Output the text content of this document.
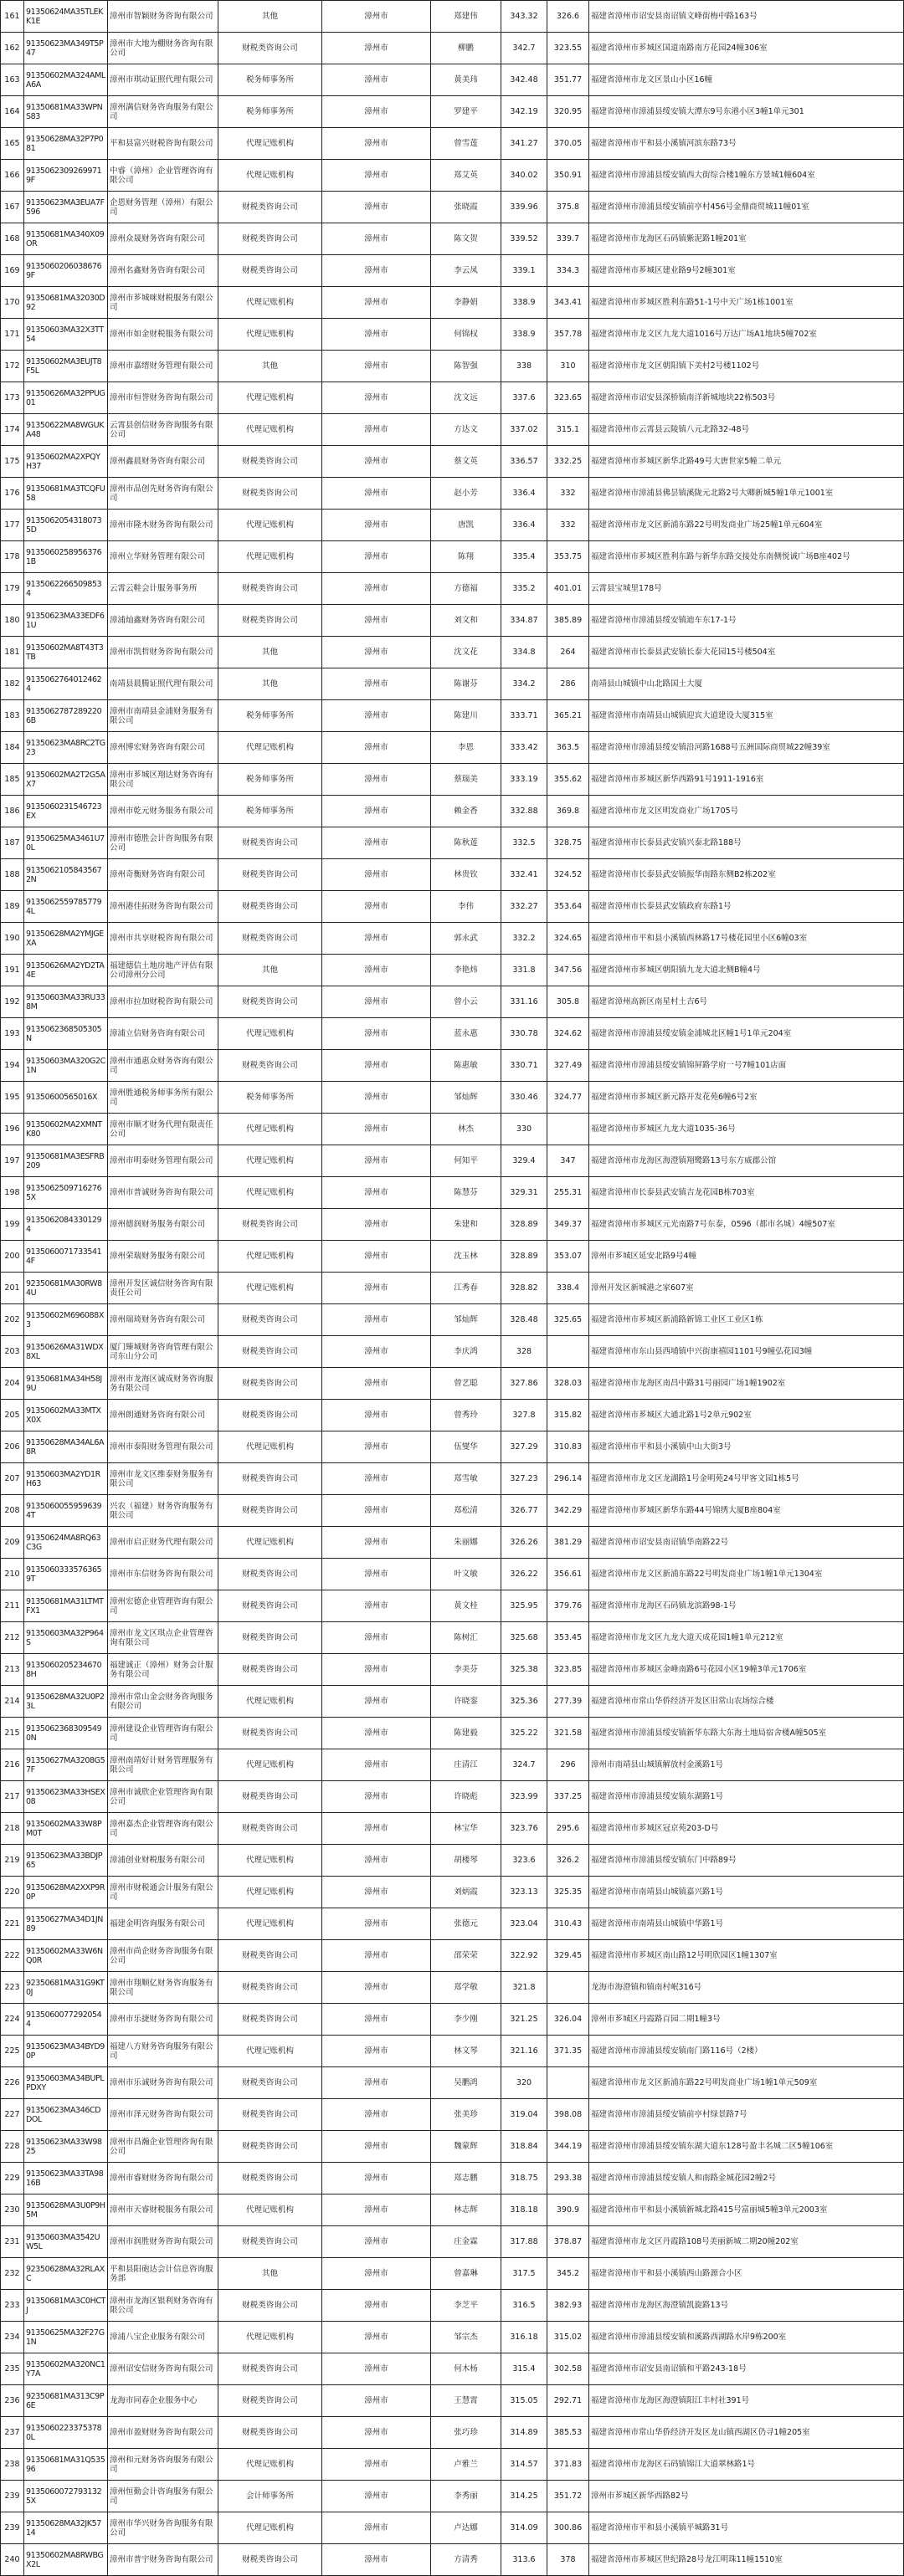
161	91350624MA35TLEKK1E	漳州市智颖财务咨询有限公司	其他	漳州市	郑建伟	343.32	326.6	福建省漳州市诏安县南诏镇文峰街梅中路163号
162	91350623MA349T5P47	漳州市大地为棚财务咨询有限公司	财税类咨询公司	漳州市	柳鹏	342.7	323.55	福建省漳州市芗城区国道南路南方花园24幢306室
163	91350602MA324AMLA6A	漳州市琪动证照代理有限公司	税务师事务所	漳州市	黄美玮	342.48	351.77	福建省漳州市龙文区景山小区16幢
164	91350681MA33WPNS83	漳州满信财务咨询服务有限公司	税务师事务所	漳州市	罗建平	342.19	320.95	福建省漳州市漳浦县绥安镇大潭东9号东港小区3幢1单元301
165	91350628MA32P7P081	平和县富兴财税咨询有限公司	代理记账机构	漳州市	曾雪莲	341.27	370.05	福建省漳州市平和县小溪镇河滨东路73号
166	91350623092699719F	中睿（漳州）企业管理咨询有限公司	代理记账机构	漳州市	郑艾英	340.02	350.91	福建省漳州市漳浦县绥安镇西大街综合楼1幢东方景城1幢604室
167	91350623MA3EUA7F596	企恩财务管理（漳州）有限公司	财税类咨询公司	漳州市	张晓霞	339.96	375.8	福建省漳州市漳浦县绥安镇前亭村456号金鼎商贸城11幢01室
168	91350681MA340X09OR	漳州众晟财务咨询有限公司	财税类咨询公司	漳州市	陈文贺	339.52	339.7	福建省漳州市龙海区石码镇紫泥路1幢201室
169	91350602060386769F	漳州名鑫财务咨询有限公司	财税类咨询公司	漳州市	李云凤	339.1	334.3	福建省漳州市芗城区建业路9号2幢301室
170	91350681MA32030D92	漳州市芗城咪财税服务有限公司	代理记账机构	漳州市	李静娟	338.9	343.41	福建省漳州市芗城区胜利东路51-1号中天广场1栋1001室
171	91350603MA32X3TT54	漳州市如金财税服务有限公司	代理记账机构	漳州市	何锦权	338.9	357.78	福建省漳州市龙文区九龙大道1016号万达广场A1地块5幢702室
172	91350602MA3EUJT8F5L	漳州市嘉缙财务管理有限公司	其他	漳州市	陈智强	338	310	福建省漳州市龙文区朝阳镇下美村2号楼1102号
173	91350626MA32PPUG01	漳州市恒誉财务咨询有限公司	代理记账机构	漳州市	沈文远	337.6	323.65	福建省漳州市诏安县深桥镇南洋新城地块22栋503号
174	91350622MA8WGUKA48	云霄县创信财务咨询服务有限公司	代理记账机构	漳州市	方达文	337.02	315.1	福建省漳州市云霄县云陵镇八元北路32-48号
175	91350602MA2XPQYH37	漳州鑫晨财务咨询有限公司	财税类咨询公司	漳州市	蔡文英	336.57	332.25	福建省漳州市芗城区新华北路49号大唐世家5幢二单元
176	91350681MA3TCQFU58	漳州市品创先财务咨询有限公司	财税类咨询公司	漳州市	赵小芳	336.4	332	福建省漳州市漳浦县佛昙镇溪陇元北路2号大卿新城5幢1单元1001室
177	91350620543180735D	漳州市隆木财务咨询有限公司	代理记账机构	漳州市	唐凯	336.4	332	福建省漳州市龙文区新浦东路22号明发商业广场25幢1单元604室
178	91350602589563761B	漳州立华财务管理有限公司	代理记账机构	漳州市	陈翔	335.4	353.75	福建省漳州市芗城区胜利东路与新华东路交接处东南侧悦诚广场B座402号
179	91350622665098534	云霄云鞋会计服务事务所	财税类咨询公司	漳州市	方德福	335.2	401.01	云霄县宝城里178号
180	91350623MA33EDF61U	漳浦灿鑫财务咨询有限公司	财税类咨询公司	漳州市	刘文和	334.87	385.89	福建省漳州市漳浦县绥安镇迪车东17-1号
181	91350602MA8T43T3TB	漳州市凯哲财务咨询有限公司	其他	漳州市	沈文花	334.8	264	福建省漳州市长泰县武安镇长泰大花园15号楼504室
182	91350627640124624	南靖县晨腾证照代理有限公司	其他	漳州市	陈谢芬	334.2	286	南靖县山城镇中山北路国土大厦
183	91350627872892206B	漳州市南靖县金浦财务服务有限公司	税务师事务所	漳州市	陈建川	333.71	365.21	福建省漳州市南靖县山城镇迎宾大道建设大厦315室
184	91350623MA8RC2TG23	漳州博宏财务咨询有限公司	代理记账机构	漳州市	李恩	333.42	363.5	福建省漳州市漳浦县绥安镇沿河路1688号五洲国际商贸城22幢39室
185	91350602MA2T2G5AX7	漳州市芗城区翔达财务咨询有限公司	税务师事务所	漳州市	蔡瑞美	333.19	355.62	福建省漳州市芗城区新华西路91号1911-1916室
186	9135060231546723EX	漳州市乾元财务服务有限公司	税务师事务所	漳州市	赖金香	332.88	369.8	福建省漳州市龙文区明发商业广场1705号
187	91350625MA3461U70L	漳州市德胜会计咨询服务有限公司	财税类咨询公司	漳州市	陈秋莲	332.5	328.75	福建省漳州市长泰县武安镇兴泰北路188号
188	91350621058435672N	漳州奇衡财务咨询有限公司	财税类咨询公司	漳州市	林贵钦	332.41	324.52	福建省漳州市长泰县武安镇振华南路东侧B2栋202室
189	91350625597857794L	漳州港佳拓财务咨询有限公司	财税类咨询公司	漳州市	李伟	332.27	353.64	福建省漳州市长泰县武安镇政府东路1号
190	91350628MA2YMJGEXA	漳州市共享财税咨询有限公司	财税类咨询公司	漳州市	郭永武	332.2	324.65	福建省漳州市平和县小溪镇西林路17号楼花园里小区6幢03室
191	91350626MA2YD2TA4E	福建德信土地房地产评估有限公司漳州分公司	其他	漳州市	李艳炜	331.8	347.56	福建省漳州市芗城区朝阳镇九龙大道北侧B幢4号
192	91350603MA33RU338M	漳州市拉加财税咨询有限公司	财税类咨询公司	漳州市	曾小云	331.16	305.8	福建省漳州高新区南星村土吉6号
193	9135062368505305N	漳浦立信财务咨询有限公司	代理记账机构	漳州市	蓝永惠	330.78	324.62	福建省漳州市漳浦县绥安镇金浦城北区幢1号1单元204室
194	91350603MA320G2C1N	漳州市通惠众财务咨询有限公司	财税类咨询公司	漳州市	陈惠敏	330.71	327.49	福建省漳州市漳浦县绥安镇锦屏路学府一号7幢101店面
195	91350600565016X	漳州胜通税务师事务所有限公司	税务师事务所	漳州市	邹灿辉	330.46	324.77	福建省漳州市芗城区新元路开发花苑6幢6号2室
196	91350602MA2XMNTK80	漳州市顺才财务代理有限责任公司	代理记账机构	漳州市	林杰	330		福建省漳州市芗城区九龙大道1035-36号
197	91350681MA3ESFRB209	漳州市明泰财务管理有限公司	代理记账机构	漳州市	何知平	329.4	347	福建省漳州市龙海区海澄镇翔鹭路13号东方威郡公馆
198	91350625097162765X	漳州市普诚财务咨询有限公司	代理记账机构	漳州市	陈慧芬	329.31	255.31	福建省漳州市长泰县武安镇吉龙花园B栋703室
199	91350620843301294	漳州德润财务服务有限公司	财税类咨询公司	漳州市	朱建和	328.89	349.37	福建省漳州市芗城区元光南路7号东泰，0596（都市名城）4幢507室
200	91350600717335414F	漳州荣瑞财务服务有限公司	代理记账机构	漳州市	沈玉林	328.89	353.07	漳州市芗城区延安北路9号4幢
201	92350681MA30RW84U	漳州开发区诚信财务咨询有限责任公司	代理记账机构	漳州市	江秀春	328.82	338.4	漳州开发区新城港之家607室
202	91350602M696088X3	漳州瑞琦财务咨询有限公司	财税类咨询公司	漳州市	邹灿辉	328.48	325.65	福建省漳州市芗城区新浦路新锦工业区工业区1栋
203	91350626MA31WDX8XL	厦门臻城财务咨询管理有限公司东山分公司	财税类咨询公司	漳州市	李庆鸿	328		福建省漳州市东山县西埔镇中兴街康禧园1101号9幢弘花园3幢
204	91350681MA34H58J9U	漳州市龙海区诚成财务咨询服务有限公司	财税类咨询公司	漳州市	曾艺聪	327.86	328.03	福建省漳州市龙海区南昌中路31号丽园广场1幢1902室
205	91350602MA33MTXX0X	漳州朗通财务咨询有限公司	财税类咨询公司	漳州市	曾秀玲	327.8	315.82	福建省漳州市芗城区大通北路1号2单元902室
206	91350628MA34AL6A8R	漳州市泰阳财务管理有限公司	代理记账机构	漳州市	伍燮华	327.29	310.83	福建省漳州市平和县小溪镇中山大街3号
207	91350603MA2YD1RH63	漳州市龙文区维泰财务服务有限公司	财税类咨询公司	漳州市	郑雪敏	327.23	296.14	福建省漳州市龙文区龙湖路1号金明苑24号甲客文园1栋5号
208	91350600559596394T	兴农（福建）财务咨询服务有限公司	财税类咨询公司	漳州市	郑松清	326.77	342.29	福建省漳州市芗城区新华东路44号锦绣大厦B座804室
209	91350624MA8RQ63C3G	漳州市启正财务代理有限公司	代理记账机构	漳州市	朱丽娜	326.26	381.29	福建省漳州市诏安县南诏镇华南路22号
210	91350603335763659T	漳州市东信财务咨询有限公司	财税类咨询公司	漳州市	叶文敏	326.22	356.61	福建省漳州市龙文区新浦东路22号明发商业广场1幢1单元1304室
211	91350681MA31LTMTFX1	漳州宏德企业管理咨询有限公司	财税类咨询公司	漳州市	黄文桂	325.95	379.76	福建省漳州市龙海区石码镇龙滨路98-1号
212	91350603MA32P964S	漳州市龙文区琪点企业管理咨询有限公司	财税类咨询公司	漳州市	陈树汇	325.68	353.45	福建省漳州市龙文区九龙大道天成花园1幢1单元212室
213	91350602052346708H	福建诚正（漳州）财务会计服务有限公司	财税类咨询公司	漳州市	李美芬	325.38	323.85	福建省漳州市芗城区金峰南路6号花园小区19幢3单元1706室
214	91350628MA32U0P23L	漳州市常山金会财务咨询服务有限公司	代理记账机构	漳州市	许晓銮	325.36	277.39	福建省漳州市常山华侨经济开发区旧常山农场综合楼
215	91350623683095490N	漳州建设企业管理咨询有限公司	财税类咨询公司	漳州市	陈建毅	325.22	321.58	福建省漳州市漳浦县绥安镇新华东路大东海土地局宿舍楼A幢505室
216	91350627MA3208G57F	漳州南靖好计财务管理服务有限公司	代理记账机构	漳州市	庄清江	324.7	296	漳州市南靖县山城镇解放村金溪路1号
217	91350623MA33HSEX08	漳州市诚欣企业管理咨询有限公司	财税类咨询公司	漳州市	许晓彪	323.99	337.25	福建省漳州市漳浦县绥安镇东湖路1号
218	91350602MA33W8PM0T	漳州嘉杰企业管理咨询有限公司	财税类咨询公司	漳州市	林宝华	323.76	295.6	福建省漳州市芗城区冠京苑203-D号
219	91350623MA33BDJP65	漳浦创业财税服务有限公司	代理记账机构	漳州市	胡楼琴	323.6	326.2	福建省漳州市漳浦县绥安镇东门中路89号
220	91350628MA2XXP9R0P	漳州市财税通会计服务有限公司	代理记账机构	漳州市	刘炳霞	323.13	325.35	福建省漳州市南靖县山城镇嘉兴路1号
221	91350627MA34D1JN89	福建金明咨询服务有限公司	代理记账机构	漳州市	张德元	323.04	310.43	福建省漳州市南靖县山城镇中华路1号
222	91350602MA33W6NQ0R	漳州市尚企财务咨询服务有限公司	财税类咨询公司	漳州市	邵荣荣	322.92	329.45	福建省漳州市芗城区南山路12号明欣园区1幢1307室
223	92350681MA31G9KT0J	漳州市翔顺亿财务咨询服务有限公司	财税类咨询公司	漳州市	郑学敬	321.8		龙海市海澄镇和镇南村岷316号
224	91350600772920544	漳州市乐捷财务咨询有限公司	财税类咨询公司	漳州市	李少刚	321.25	326.04	漳州市芗城区丹霞路百园二期1幢3号
225	91350623MA34BYD90P	福建八方财务咨询服务有限公司	代理记账机构	漳州市	林文琴	321.16	371.35	福建省漳州市漳浦县绥安镇南门路116号（2楼）
226	91350603MA34BUPLPDXY	漳州市乐诚财务咨询有限公司	财税类咨询公司	漳州市	吴鹏鸿	320		福建省漳州市龙文区新浦东路22号明发商业广场1幢1单元509室
227	91350623MA346CDDOL	漳州市泽元财务咨询有限公司	财税类咨询公司	漳州市	张美珍	319.04	398.08	福建省漳州市漳浦县绥安镇前亭村绿景路7号
228	91350623MA33W9825	漳州市昌瀚企业管理咨询有限公司	财税类咨询公司	漳州市	魏蒙辉	318.84	344.19	福建省漳州市漳浦县绥安镇东湖大道东128号盈丰名城二区5幢106室
229	91350623MA33TA9816B	漳州市睿财财务咨询有限公司	财税类咨询公司	漳州市	郑志鹏	318.75	293.38	福建省漳州市漳浦县绥安镇人和南路金城花园2幢2号
230	91350628MA3U0P9H5M	漳州市天睿财税服务有限公司	代理记账机构	漳州市	林志辉	318.18	390.9	福建省漳州市平和县小溪镇新城北路415号富丽城5幢3单元2003室
231	91350603MA3542UW5L	漳州市润胜财务咨询有限公司	财税类咨询公司	漳州市	庄金霖	317.88	378.87	福建省漳州市龙文区丹霞路108号美丽新城二期20幢202室
232	92350628MA32RLAXC	平和县阳砲达会计信息咨询服务部	其他	漳州市	曾嘉琳	317.5	345.2	福建省漳州市平和县小溪镇西山路源合小区
233	91350681MA3C0HCTJ	漳州市龙海区银利财务咨询有限公司	财税类咨询公司	漳州市	李芝平	316.5	382.93	福建省漳州市龙海区海澄镇凯旋路13号
234	91350625MA32F27G1N	漳浦八宝企业服务有限公司	代理记账机构	漳州市	邹宗杰	316.18	315.02	福建省漳州市漳浦县绥安镇和溪路西湖路水岸9栋200室
235	91350602MA320NC1Y7A	漳州诏安信财务咨询有限公司	财税类咨询公司	漳州市	何木杨	315.4	302.58	福建省漳州市诏安县南诏镇和平路243-18号
236	92350681MA313C9P6E	龙海市同春企业服务中心	财税类咨询公司	漳州市	王慧霄	315.05	292.71	福建省漳州市龙海区海澄镇阳江丰村社391号
237	91350602233753780L	漳州市盈财财务咨询有限公司	财税类咨询公司	漳州市	张巧珍	314.89	385.53	福建省漳州市常山华侨经济开发区龙山镇西湖区仍寻1幢205室
238	91350681MA31Q53596	漳州和元财务咨询服务有限公司	代理记账机构	漳州市	卢雅兰	314.57	371.83	福建省漳州市龙海区石码镇锦江大道翠林路1号
239	91350600727931325X	漳州恒勤会计咨询服务有限公司	会计师事务所	漳州市	李秀丽	314.25	351.72	漳州市芗城区新华西路82号
239	91350628MA32JK5714	漳州市华兴财务咨询服务有限公司	代理记账机构	漳州市	卢达娜	314.09	300.86	福建省漳州市平和县小溪镇平城路31号
240	91350602MA8RWBGX2L	漳州市普宇财务咨询有限公司	财税类咨询公司	漳州市	方清秀	313.6	378	福建省漳州市芗城区世纪路28号龙江明珠11幢1510室
